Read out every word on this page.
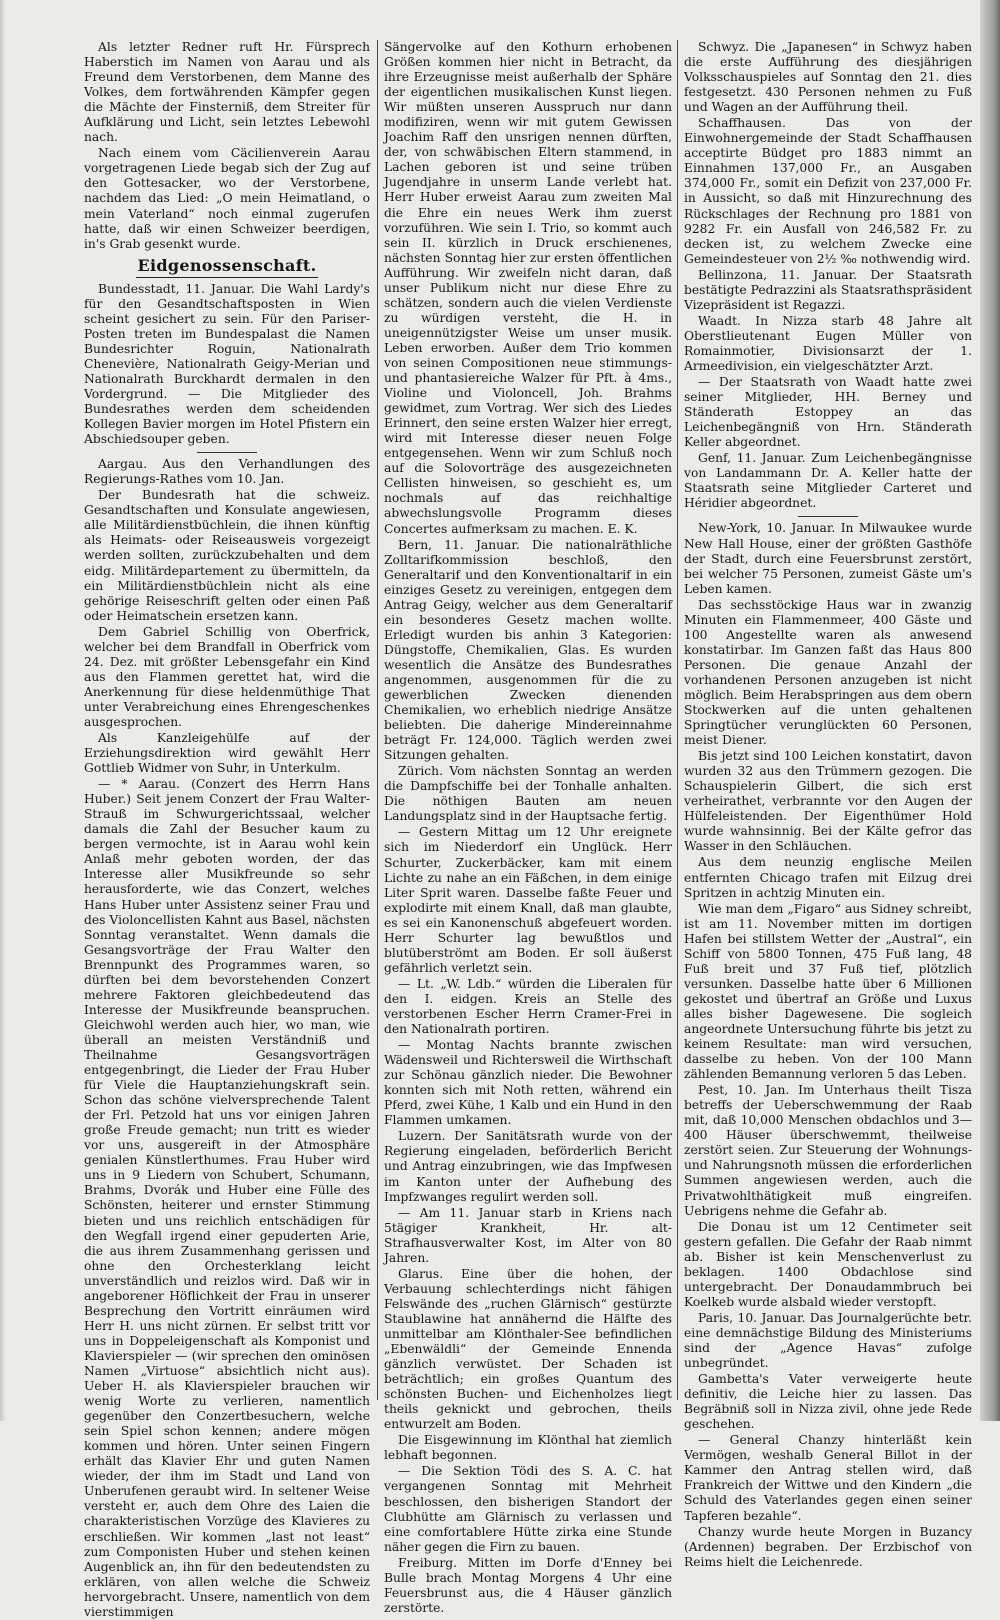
Als letzter Redner ruft Hr. Fürsprech Haberstich im Namen von Aarau und als Freund dem Verstorbenen, dem Manne des Volkes, dem fortwährenden Kämpfer gegen die Mächte der Finsterniß, dem Streiter für Aufklärung und Licht, sein letztes Lebewohl nach.

Nach einem vom Cäcilienverein Aarau vorgetragenen Liede begab sich der Zug auf den Gottesacker, wo der Verstorbene, nachdem das Lied: „O mein Heimatland, o mein Vaterland“ noch einmal zugerufen hatte, daß wir einen Schweizer beerdigen, in's Grab gesenkt wurde.

Eidgenossenschaft.

Bundesstadt, 11. Januar. Die Wahl Lardy's für den Gesandtschaftsposten in Wien scheint gesichert zu sein. Für den Pariser-Posten treten im Bundespalast die Namen Bundesrichter Roguin, Nationalrath Chenevière, Nationalrath Geigy-Merian und Nationalrath Burckhardt dermalen in den Vordergrund. — Die Mitglieder des Bundesrathes werden dem scheidenden Kollegen Bavier morgen im Hotel Pfistern ein Abschiedsouper geben.

Aargau. Aus den Verhandlungen des Regierungs-Rathes vom 10. Jan.

Der Bundesrath hat die schweiz. Gesandtschaften und Konsulate angewiesen, alle Militärdienstbüchlein, die ihnen künftig als Heimats- oder Reiseausweis vorgezeigt werden sollten, zurückzubehalten und dem eidg. Militärdepartement zu übermitteln, da ein Militärdienstbüchlein nicht als eine gehörige Reiseschrift gelten oder einen Paß oder Heimatschein ersetzen kann.

Dem Gabriel Schillig von Oberfrick, welcher bei dem Brandfall in Oberfrick vom 24. Dez. mit größter Lebensgefahr ein Kind aus den Flammen gerettet hat, wird die Anerkennung für diese heldenmüthige That unter Verabreichung eines Ehrengeschenkes ausgesprochen.

Als Kanzleigehülfe auf der Erziehungsdirektion wird gewählt Herr Gottlieb Widmer von Suhr, in Unterkulm.

— * Aarau. (Conzert des Herrn Hans Huber.) Seit jenem Conzert der Frau Walter-Strauß im Schwurgerichtssaal, welcher damals die Zahl der Besucher kaum zu bergen vermochte, ist in Aarau wohl kein Anlaß mehr geboten worden, der das Interesse aller Musikfreunde so sehr herausforderte, wie das Conzert, welches Hans Huber unter Assistenz seiner Frau und des Violoncellisten Kahnt aus Basel, nächsten Sonntag veranstaltet. Wenn damals die Gesangsvorträge der Frau Walter den Brennpunkt des Programmes waren, so dürften bei dem bevorstehenden Conzert mehrere Faktoren gleichbedeutend das Interesse der Musikfreunde beanspruchen. Gleichwohl werden auch hier, wo man, wie überall an meisten Verständniß und Theilnahme Gesangsvorträgen entgegenbringt, die Lieder der Frau Huber für Viele die Hauptanziehungskraft sein. Schon das schöne vielversprechende Talent der Frl. Petzold hat uns vor einigen Jahren große Freude gemacht; nun tritt es wieder vor uns, ausgereift in der Atmosphäre genialen Künstlerthumes. Frau Huber wird uns in 9 Liedern von Schubert, Schumann, Brahms, Dvorák und Huber eine Fülle des Schönsten, heiterer und ernster Stimmung bieten und uns reichlich entschädigen für den Wegfall irgend einer gepuderten Arie, die aus ihrem Zusammenhang gerissen und ohne den Orchesterklang leicht unverständlich und reizlos wird. Daß wir in angeborener Höflichkeit der Frau in unserer Besprechung den Vortritt einräumen wird Herr H. uns nicht zürnen. Er selbst tritt vor uns in Doppeleigenschaft als Komponist und Klavierspieler — (wir sprechen den ominösen Namen „Virtuose“ absichtlich nicht aus). Ueber H. als Klavierspieler brauchen wir wenig Worte zu verlieren, namentlich gegenüber den Conzertbesuchern, welche sein Spiel schon kennen; andere mögen kommen und hören. Unter seinen Fingern erhält das Klavier Ehr und guten Namen wieder, der ihm im Stadt und Land von Unberufenen geraubt wird. In seltener Weise versteht er, auch dem Ohre des Laien die charakteristischen Vorzüge des Klavieres zu erschließen. Wir kommen „last not least“ zum Componisten Huber und stehen keinen Augenblick an, ihn für den bedeutendsten zu erklären, von allen welche die Schweiz hervorgebracht. Unsere, namentlich von dem vierstimmigen

Sängervolke auf den Kothurn erhobenen Größen kommen hier nicht in Betracht, da ihre Erzeugnisse meist außerhalb der Sphäre der eigentlichen musikalischen Kunst liegen. Wir müßten unseren Ausspruch nur dann modifiziren, wenn wir mit gutem Gewissen Joachim Raff den unsrigen nennen dürften, der, von schwäbischen Eltern stammend, in Lachen geboren ist und seine trüben Jugendjahre in unserm Lande verlebt hat. Herr Huber erweist Aarau zum zweiten Mal die Ehre ein neues Werk ihm zuerst vorzuführen. Wie sein I. Trio, so kommt auch sein II. kürzlich in Druck erschienenes, nächsten Sonntag hier zur ersten öffentlichen Aufführung. Wir zweifeln nicht daran, daß unser Publikum nicht nur diese Ehre zu schätzen, sondern auch die vielen Verdienste zu würdigen versteht, die H. in uneigennützigster Weise um unser musik. Leben erworben. Außer dem Trio kommen von seinen Compositionen neue stimmungs- und phantasiereiche Walzer für Pft. à 4ms., Violine und Violoncell, Joh. Brahms gewidmet, zum Vortrag. Wer sich des Liedes Erinnert, den seine ersten Walzer hier erregt, wird mit Interesse dieser neuen Folge entgegensehen. Wenn wir zum Schluß noch auf die Solovorträge des ausgezeichneten Cellisten hinweisen, so geschieht es, um nochmals auf das reichhaltige abwechslungsvolle Programm dieses Concertes aufmerksam zu machen. E. K.

Bern, 11. Januar. Die nationalräthliche Zolltarifkommission beschloß, den Generaltarif und den Konventionaltarif in ein einziges Gesetz zu vereinigen, entgegen dem Antrag Geigy, welcher aus dem Generaltarif ein besonderes Gesetz machen wollte. Erledigt wurden bis anhin 3 Kategorien: Düngstoffe, Chemikalien, Glas. Es wurden wesentlich die Ansätze des Bundesrathes angenommen, ausgenommen für die zu gewerblichen Zwecken dienenden Chemikalien, wo erheblich niedrige Ansätze beliebten. Die daherige Mindereinnahme beträgt Fr. 124,000. Täglich werden zwei Sitzungen gehalten.

Zürich. Vom nächsten Sonntag an werden die Dampfschiffe bei der Tonhalle anhalten. Die nöthigen Bauten am neuen Landungsplatz sind in der Hauptsache fertig.

— Gestern Mittag um 12 Uhr ereignete sich im Niederdorf ein Unglück. Herr Schurter, Zuckerbäcker, kam mit einem Lichte zu nahe an ein Fäßchen, in dem einige Liter Sprit waren. Dasselbe faßte Feuer und explodirte mit einem Knall, daß man glaubte, es sei ein Kanonenschuß abgefeuert worden. Herr Schurter lag bewußtlos und blutüberströmt am Boden. Er soll äußerst gefährlich verletzt sein.

— Lt. „W. Ldb.“ würden die Liberalen für den I. eidgen. Kreis an Stelle des verstorbenen Escher Herrn Cramer-Frei in den Nationalrath portiren.

— Montag Nachts brannte zwischen Wädensweil und Richtersweil die Wirthschaft zur Schönau gänzlich nieder. Die Bewohner konnten sich mit Noth retten, während ein Pferd, zwei Kühe, 1 Kalb und ein Hund in den Flammen umkamen.

Luzern. Der Sanitätsrath wurde von der Regierung eingeladen, beförderlich Bericht und Antrag einzubringen, wie das Impfwesen im Kanton unter der Aufhebung des Impfzwanges regulirt werden soll.

— Am 11. Januar starb in Kriens nach 5tägiger Krankheit, Hr. alt-Strafhausverwalter Kost, im Alter von 80 Jahren.

Glarus. Eine über die hohen, der Verbauung schlechterdings nicht fähigen Felswände des „ruchen Glärnisch“ gestürzte Staublawine hat annähernd die Hälfte des unmittelbar am Klönthaler-See befindlichen „Ebenwäldli“ der Gemeinde Ennenda gänzlich verwüstet. Der Schaden ist beträchtlich; ein großes Quantum des schönsten Buchen- und Eichenholzes liegt theils geknickt und gebrochen, theils entwurzelt am Boden.

Die Eisgewinnung im Klönthal hat ziemlich lebhaft begonnen.

— Die Sektion Tödi des S. A. C. hat vergangenen Sonntag mit Mehrheit beschlossen, den bisherigen Standort der Clubhütte am Glärnisch zu verlassen und eine comfortablere Hütte zirka eine Stunde näher gegen die Firn zu bauen.

Freiburg. Mitten im Dorfe d'Enney bei Bulle brach Montag Morgens 4 Uhr eine Feuersbrunst aus, die 4 Häuser gänzlich zerstörte.

Schwyz. Die „Japanesen“ in Schwyz haben die erste Aufführung des diesjährigen Volksschauspieles auf Sonntag den 21. dies festgesetzt. 430 Personen nehmen zu Fuß und Wagen an der Aufführung theil.

Schaffhausen. Das von der Einwohnergemeinde der Stadt Schaffhausen acceptirte Büdget pro 1883 nimmt an Einnahmen 137,000 Fr., an Ausgaben 374,000 Fr., somit ein Defizit von 237,000 Fr. in Aussicht, so daß mit Hinzurechnung des Rückschlages der Rechnung pro 1881 von 9282 Fr. ein Ausfall von 246,582 Fr. zu decken ist, zu welchem Zwecke eine Gemeindesteuer von 2½ ‰ nothwendig wird.

Bellinzona, 11. Januar. Der Staatsrath bestätigte Pedrazzini als Staatsrathspräsident Vizepräsident ist Regazzi.

Waadt. In Nizza starb 48 Jahre alt Oberstlieutenant Eugen Müller von Romainmotier, Divisionsarzt der 1. Armeedivision, ein vielgeschätzter Arzt.

— Der Staatsrath von Waadt hatte zwei seiner Mitglieder, HH. Berney und Ständerath Estoppey an das Leichenbegängniß von Hrn. Ständerath Keller abgeordnet.

Genf, 11. Januar. Zum Leichenbegängnisse von Landammann Dr. A. Keller hatte der Staatsrath seine Mitglieder Carteret und Héridier abgeordnet.

New-York, 10. Januar. In Milwaukee wurde New Hall House, einer der größten Gasthöfe der Stadt, durch eine Feuersbrunst zerstört, bei welcher 75 Personen, zumeist Gäste um's Leben kamen.

Das sechsstöckige Haus war in zwanzig Minuten ein Flammenmeer, 400 Gäste und 100 Angestellte waren als anwesend konstatirbar. Im Ganzen faßt das Haus 800 Personen. Die genaue Anzahl der vorhandenen Personen anzugeben ist nicht möglich. Beim Herabspringen aus dem obern Stockwerken auf die unten gehaltenen Springtücher verunglückten 60 Personen, meist Diener.

Bis jetzt sind 100 Leichen konstatirt, davon wurden 32 aus den Trümmern gezogen. Die Schauspielerin Gilbert, die sich erst verheirathet, verbrannte vor den Augen der Hülfeleistenden. Der Eigenthümer Hold wurde wahnsinnig. Bei der Kälte gefror das Wasser in den Schläuchen.

Aus dem neunzig englische Meilen entfernten Chicago trafen mit Eilzug drei Spritzen in achtzig Minuten ein.

Wie man dem „Figaro“ aus Sidney schreibt, ist am 11. November mitten im dortigen Hafen bei stillstem Wetter der „Austral“, ein Schiff von 5800 Tonnen, 475 Fuß lang, 48 Fuß breit und 37 Fuß tief, plötzlich versunken. Dasselbe hatte über 6 Millionen gekostet und übertraf an Größe und Luxus alles bisher Dagewesene. Die sogleich angeordnete Untersuchung führte bis jetzt zu keinem Resultate: man wird versuchen, dasselbe zu heben. Von der 100 Mann zählenden Bemannung verloren 5 das Leben.

Pest, 10. Jan. Im Unterhaus theilt Tisza betreffs der Ueberschwemmung der Raab mit, daß 10,000 Menschen obdachlos und 3—400 Häuser überschwemmt, theilweise zerstört seien. Zur Steuerung der Wohnungs- und Nahrungsnoth müssen die erforderlichen Summen angewiesen werden, auch die Privatwohlthätigkeit muß eingreifen. Uebrigens nehme die Gefahr ab.

Die Donau ist um 12 Centimeter seit gestern gefallen. Die Gefahr der Raab nimmt ab. Bisher ist kein Menschenverlust zu beklagen. 1400 Obdachlose sind untergebracht. Der Donaudammbruch bei Koelkeb wurde alsbald wieder verstopft.

Paris, 10. Januar. Das Journalgerüchte betr. eine demnächstige Bildung des Ministeriums sind der „Agence Havas“ zufolge unbegründet.

Gambetta's Vater verweigerte heute definitiv, die Leiche hier zu lassen. Das Begräbniß soll in Nizza zivil, ohne jede Rede geschehen.

— General Chanzy hinterläßt kein Vermögen, weshalb General Billot in der Kammer den Antrag stellen wird, daß Frankreich der Wittwe und den Kindern „die Schuld des Vaterlandes gegen einen seiner Tapferen bezahle“.

Chanzy wurde heute Morgen in Buzancy (Ardennen) begraben. Der Erzbischof von Reims hielt die Leichenrede.
